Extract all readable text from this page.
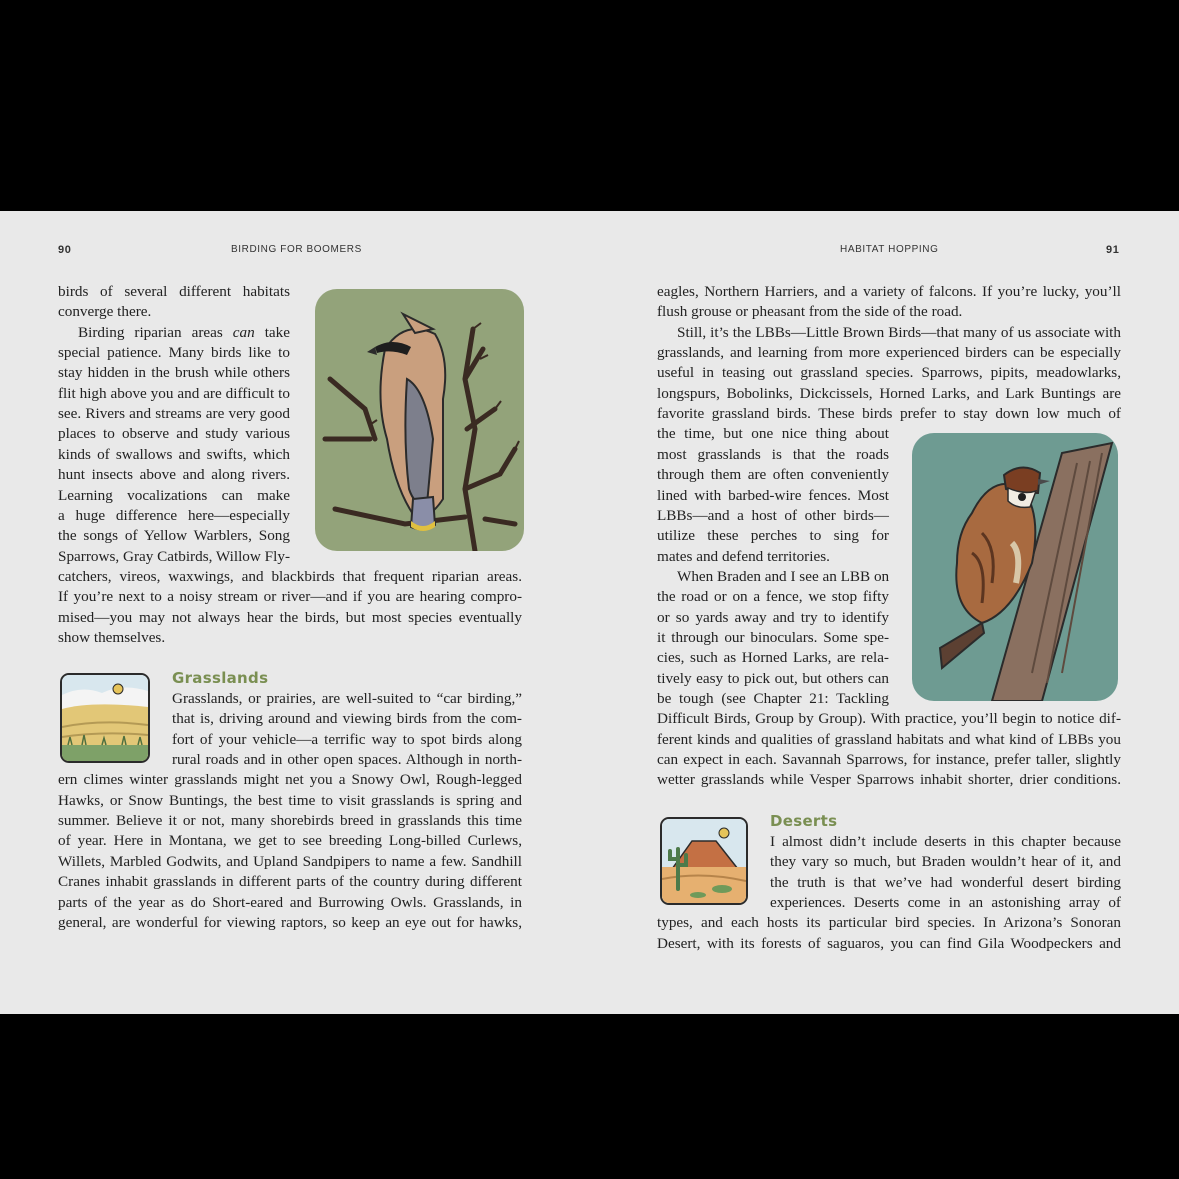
90	BIRDING FOR BOOMERS	HABITAT HOPPING	91
birds of several different habitats
converge there.
Birding riparian areas can take
special patience. Many birds like to
stay hidden in the brush while others
flit high above you and are difficult to
see. Rivers and streams are very good
places to observe and study various
kinds of swallows and swifts, which
hunt insects above and along rivers.
Learning vocalizations can make
a huge difference here—especially
the songs of Yellow Warblers, Song
Sparrows, Gray Catbirds, Willow Fly-
catchers, vireos, waxwings, and blackbirds that frequent riparian areas.
If you’re next to a noisy stream or river—and if you are hearing compro-
mised—you may not always hear the birds, but most species eventually
show themselves.
Grasslands
Grasslands, or prairies, are well-suited to “car birding,”
that is, driving around and viewing birds from the com-
fort of your vehicle—a terrific way to spot birds along
rural roads and in other open spaces. Although in north-
ern climes winter grasslands might net you a Snowy Owl, Rough-legged
Hawks, or Snow Buntings, the best time to visit grasslands is spring and
summer. Believe it or not, many shorebirds breed in grasslands this time
of year. Here in Montana, we get to see breeding Long-billed Curlews,
Willets, Marbled Godwits, and Upland Sandpipers to name a few. Sandhill
Cranes inhabit grasslands in different parts of the country during different
parts of the year as do Short-eared and Burrowing Owls. Grasslands, in
general, are wonderful for viewing raptors, so keep an eye out for hawks,
eagles, Northern Harriers, and a variety of falcons. If you’re lucky, you’ll
flush grouse or pheasant from the side of the road.
Still, it’s the LBBs—Little Brown Birds—that many of us associate with
grasslands, and learning from more experienced birders can be especially
useful in teasing out grassland species. Sparrows, pipits, meadowlarks,
longspurs, Bobolinks, Dickcissels, Horned Larks, and Lark Buntings are
favorite grassland birds. These birds prefer to stay down low much of
the time, but one nice thing about
most grasslands is that the roads
through them are often conveniently
lined with barbed-wire fences. Most
LBBs—and a host of other birds—
utilize these perches to sing for
mates and defend territories.
When Braden and I see an LBB on
the road or on a fence, we stop fifty
or so yards away and try to identify
it through our binoculars. Some spe-
cies, such as Horned Larks, are rela-
tively easy to pick out, but others can
be tough (see Chapter 21: Tackling
Difficult Birds, Group by Group). With practice, you’ll begin to notice dif-
ferent kinds and qualities of grassland habitats and what kind of LBBs you
can expect in each. Savannah Sparrows, for instance, prefer taller, slightly
wetter grasslands while Vesper Sparrows inhabit shorter, drier conditions.
Deserts
I almost didn’t include deserts in this chapter because
they vary so much, but Braden wouldn’t hear of it, and
the truth is that we’ve had wonderful desert birding
experiences. Deserts come in an astonishing array of
types, and each hosts its particular bird species. In Arizona’s Sonoran
Desert, with its forests of saguaros, you can find Gila Woodpeckers and
